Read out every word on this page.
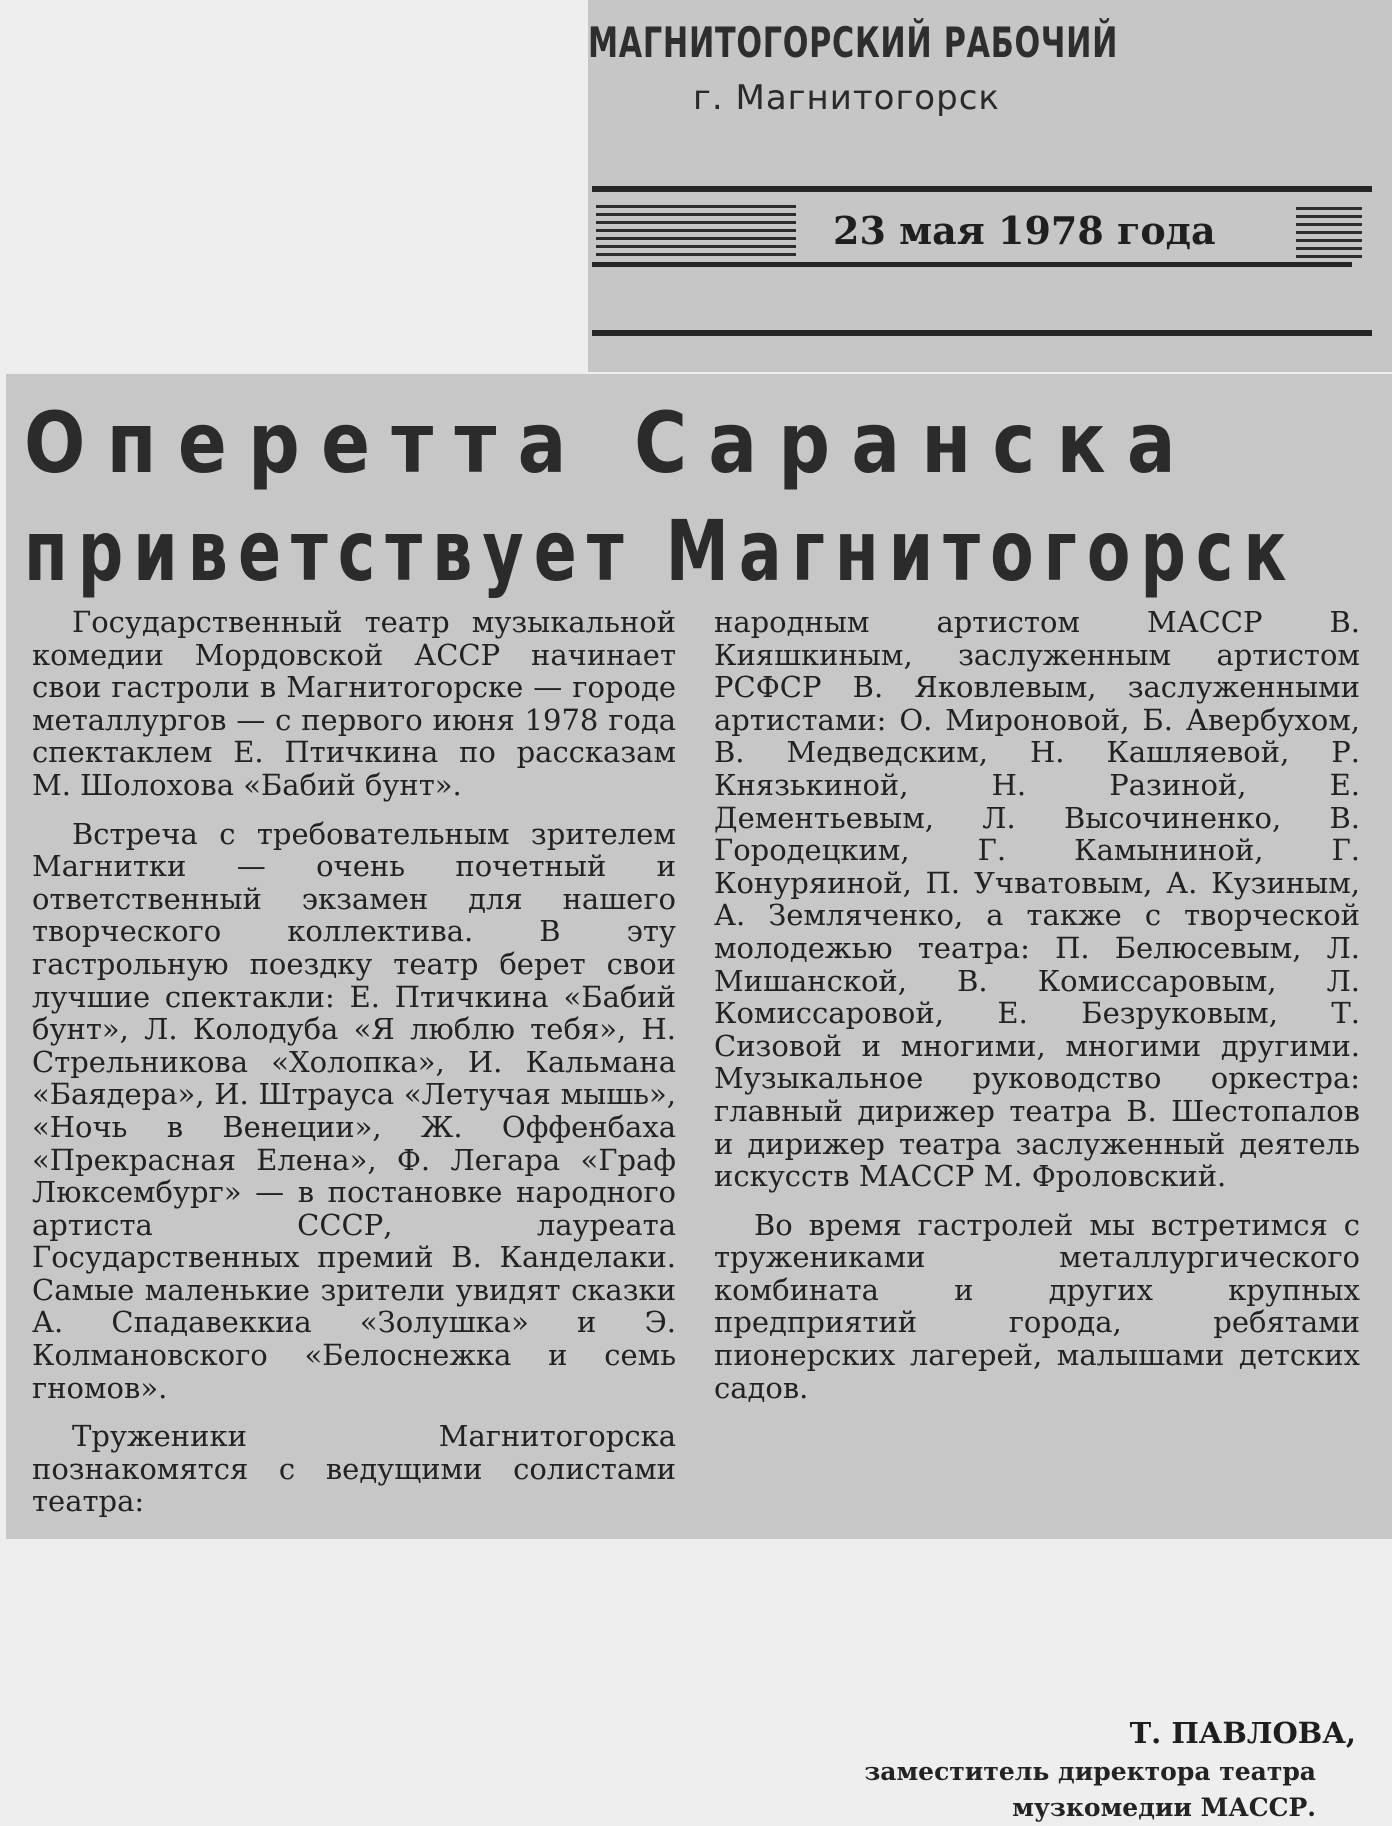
МАГНИТОГОРСКИЙ РАБОЧИЙ
г. Магнитогорск
23 мая 1978 года
Оперетта Саранска
приветствует Магнитогорск

Государственный театр музыкальной комедии Мордовской АССР начинает свои гастроли в Магнитогорске — городе металлургов — с первого июня 1978 года спектаклем Е. Птичкина по рассказам М. Шолохова «Бабий бунт».

Встреча с требовательным зрителем Магнитки — очень почетный и ответственный экзамен для нашего творческого коллектива. В эту гастрольную поездку театр берет свои лучшие спектакли: Е. Птичкина «Бабий бунт», Л. Колодуба «Я люблю тебя», Н. Стрельникова «Холопка», И. Кальмана «Баядера», И. Штрауса «Летучая мышь», «Ночь в Венеции», Ж. Оффенбаха «Прекрасная Елена», Ф. Легара «Граф Люксембург» — в постановке народного артиста СССР, лауреата Государственных премий В. Канделаки. Самые маленькие зрители увидят сказки А. Спадавеккиа «Золушка» и Э. Колмановского «Белоснежка и семь гномов».

Труженики Магнитогорска познакомятся с ведущими солистами театра:

народным артистом МАССР В. Кияшкиным, заслуженным артистом РСФСР В. Яковлевым, заслуженными артистами: О. Мироновой, Б. Авербухом, В. Медведским, Н. Кашляевой, Р. Князькиной, Н. Разиной, Е. Дементьевым, Л. Высочиненко, В. Городецким, Г. Камыниной, Г. Конуряиной, П. Учватовым, А. Кузиным, А. Земляченко, а также с творческой молодежью театра: П. Белюсевым, Л. Мишанской, В. Комиссаровым, Л. Комиссаровой, Е. Безруковым, Т. Сизовой и многими, многими другими. Музыкальное руководство оркестра: главный дирижер театра В. Шестопалов и дирижер театра заслуженный деятель искусств МАССР М. Фроловский.

Во время гастролей мы встретимся с тружениками металлургического комбината и других крупных предприятий города, ребятами пионерских лагерей, малышами детских садов.

Т. ПАВЛОВА,
заместитель директора театра
музкомедии МАССР.
